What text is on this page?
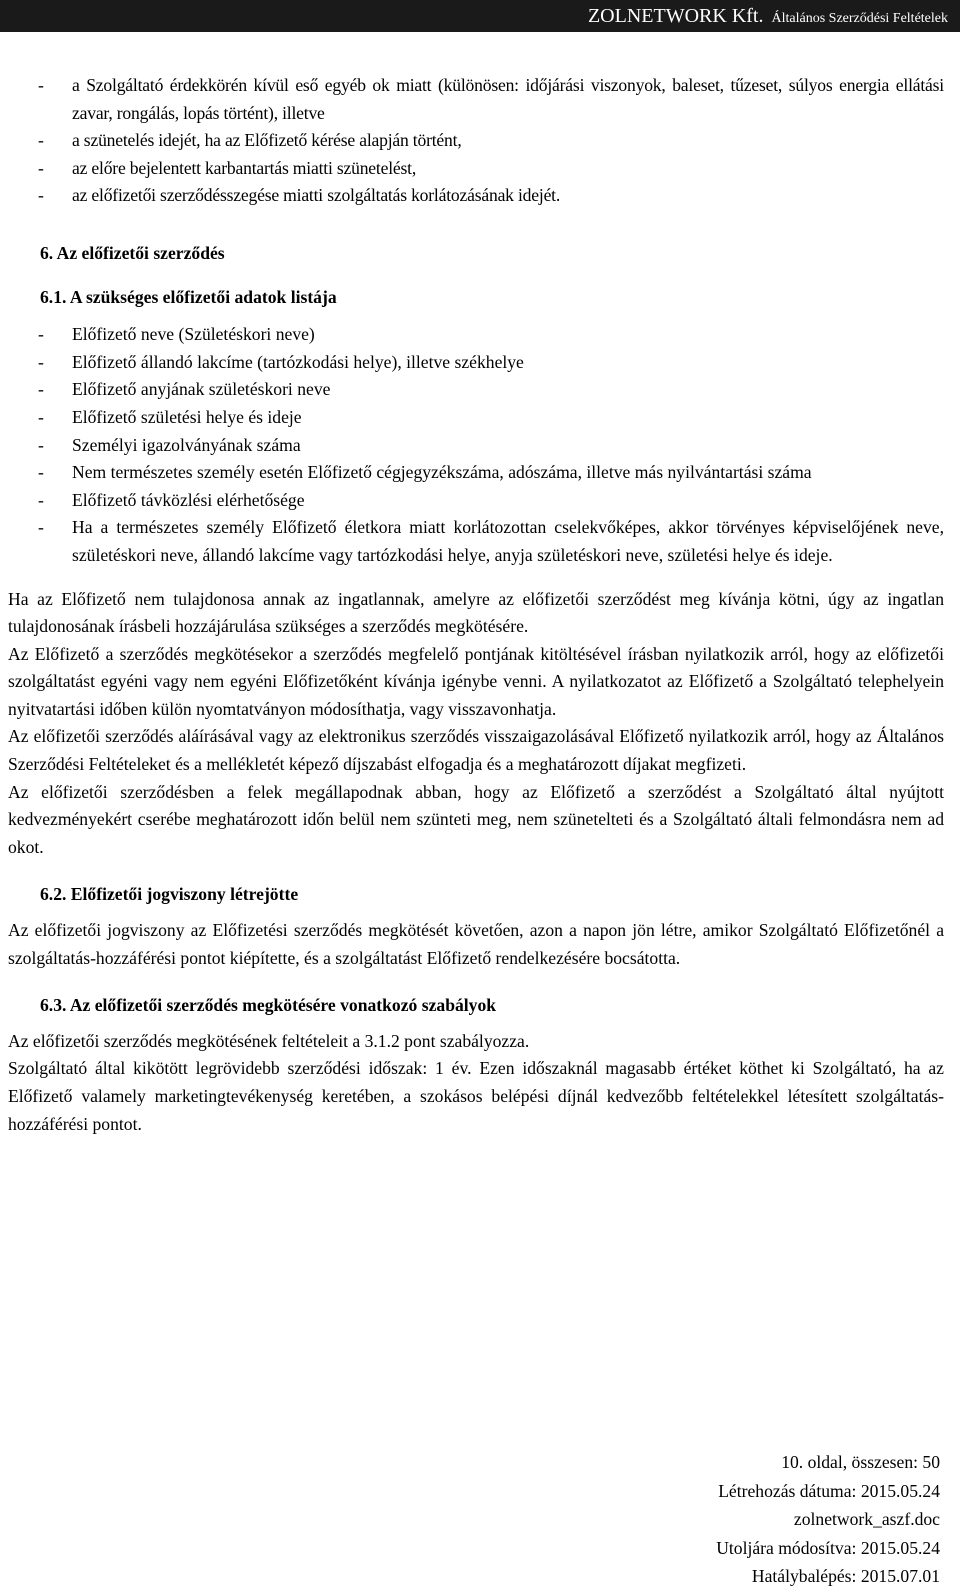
ZOLNETWORK Kft. Általános Szerződési Feltételek
-	a Szolgáltató érdekkörén kívül eső egyéb ok miatt (különösen: időjárási viszonyok, baleset, tűzeset, súlyos energia ellátási zavar, rongálás, lopás történt), illetve
-	a szünetelés idejét, ha az Előfizető kérése alapján történt,
-	az előre bejelentett karbantartás miatti szünetelést,
-	az előfizetői szerződésszegése miatti szolgáltatás korlátozásának idejét.
6. Az előfizetői szerződés
6.1. A szükséges előfizetői adatok listája
-	Előfizető neve (Születéskori neve)
-	Előfizető állandó lakcíme (tartózkodási helye), illetve székhelye
-	Előfizető anyjának születéskori neve
-	Előfizető születési helye és ideje
-	Személyi igazolványának száma
-	Nem természetes személy esetén Előfizető cégjegyzékszáma, adószáma, illetve más nyilvántartási száma
-	Előfizető távközlési elérhetősége
-	Ha a természetes személy Előfizető életkora miatt korlátozottan cselekvőképes, akkor törvényes képviselőjének neve, születéskori neve, állandó lakcíme vagy tartózkodási helye, anyja születéskori neve, születési helye és ideje.

Ha az Előfizető nem tulajdonosa annak az ingatlannak, amelyre az előfizetői szerződést meg kívánja kötni, úgy az ingatlan tulajdonosának írásbeli hozzájárulása szükséges a szerződés megkötésére.

Az Előfizető a szerződés megkötésekor a szerződés megfelelő pontjának kitöltésével írásban nyilatkozik arról, hogy az előfizetői szolgáltatást egyéni vagy nem egyéni Előfizetőként kívánja igénybe venni. A nyilatkozatot az Előfizető a Szolgáltató telephelyein nyitvatartási időben külön nyomtatványon módosíthatja, vagy visszavonhatja.

Az előfizetői szerződés aláírásával vagy az elektronikus szerződés visszaigazolásával Előfizető nyilatkozik arról, hogy az Általános Szerződési Feltételeket és a mellékletét képező díjszabást elfogadja és a meghatározott díjakat megfizeti.

Az előfizetői szerződésben a felek megállapodnak abban, hogy az Előfizető a szerződést a Szolgáltató által nyújtott kedvezményekért cserébe meghatározott időn belül nem szünteti meg, nem szünetelteti és a Szolgáltató általi felmondásra nem ad okot.

6.2. Előfizetői jogviszony létrejötte

Az előfizetői jogviszony az Előfizetési szerződés megkötését követően, azon a napon jön létre, amikor Szolgáltató Előfizetőnél a szolgáltatás-hozzáférési pontot kiépítette, és a szolgáltatást Előfizető rendelkezésére bocsátotta.

6.3. Az előfizetői szerződés megkötésére vonatkozó szabályok

Az előfizetői szerződés megkötésének feltételeit a 3.1.2 pont szabályozza.

Szolgáltató által kikötött legrövidebb szerződési időszak: 1 év. Ezen időszaknál magasabb értéket köthet ki Szolgáltató, ha az Előfizető valamely marketingtevékenység keretében, a szokásos belépési díjnál kedvezőbb feltételekkel létesített szolgáltatás-hozzáférési pontot.

10. oldal, összesen: 50
Létrehozás dátuma: 2015.05.24
zolnetwork_aszf.doc
Utoljára módosítva: 2015.05.24
Hatálybalépés: 2015.07.01
